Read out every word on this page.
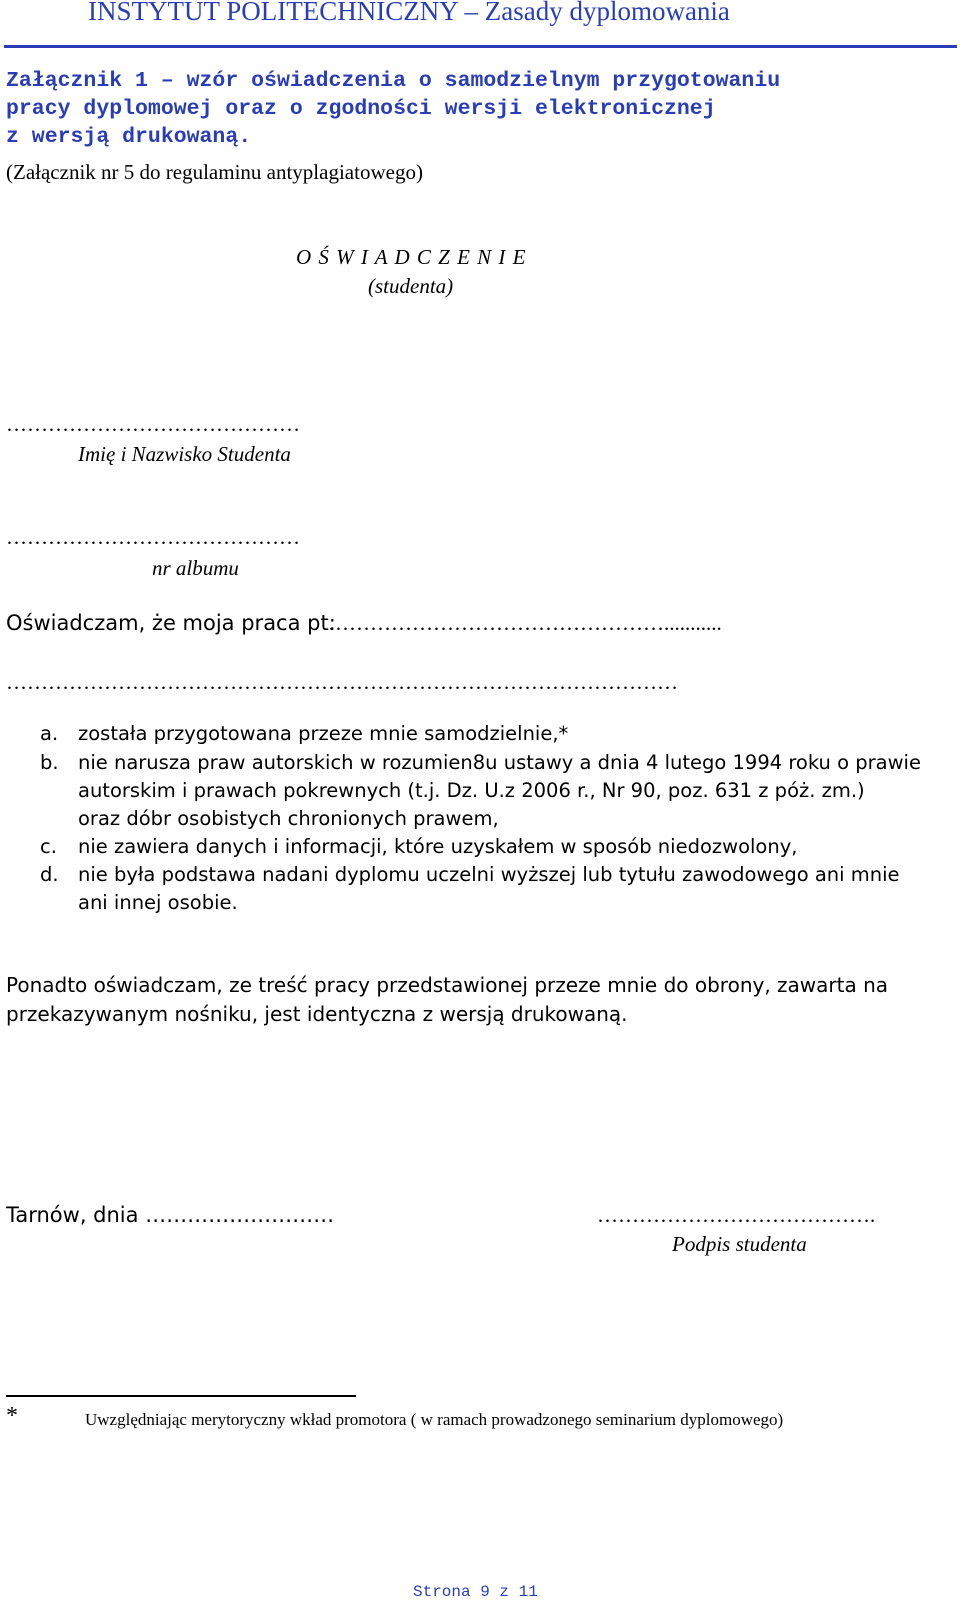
INSTYTUT POLITECHNICZNY – Zasady dyplomowania
Załącznik 1 – wzór oświadczenia o samodzielnym przygotowaniu
pracy dyplomowej oraz o zgodności wersji elektronicznej
z wersją drukowaną.
(Załącznik nr 5 do regulaminu antyplagiatowego)
O Ś W I A D C Z E N I E
(studenta)
……………………………………
Imię i Nazwisko Studenta
……………………………………
nr albumu
Oświadczam, że moja praca pt:
…………………………………………...........
……………………………………………………………………………………
a. została przygotowana przeze mnie samodzielnie,*
b. nie narusza praw autorskich w rozumien8u ustawy a dnia 4 lutego 1994 roku o prawie
autorskim i prawach pokrewnych (t.j. Dz. U.z 2006 r., Nr 90, poz. 631 z póż. zm.)
oraz dóbr osobistych chronionych prawem,
c. nie zawiera danych i informacji, które uzyskałem w sposób niedozwolony,
d. nie była podstawa nadani dyplomu uczelni wyższej lub tytułu zawodowego ani mnie
ani innej osobie.
Ponadto oświadczam, ze treść pracy przedstawionej przeze mnie do obrony, zawarta na
przekazywanym nośniku, jest identyczna z wersją drukowaną.
Tarnów, dnia ………………………	………………………………….
Podpis studenta
*	Uwzględniając merytoryczny wkład promotora ( w ramach prowadzonego seminarium dyplomowego)
Strona 9 z 11
